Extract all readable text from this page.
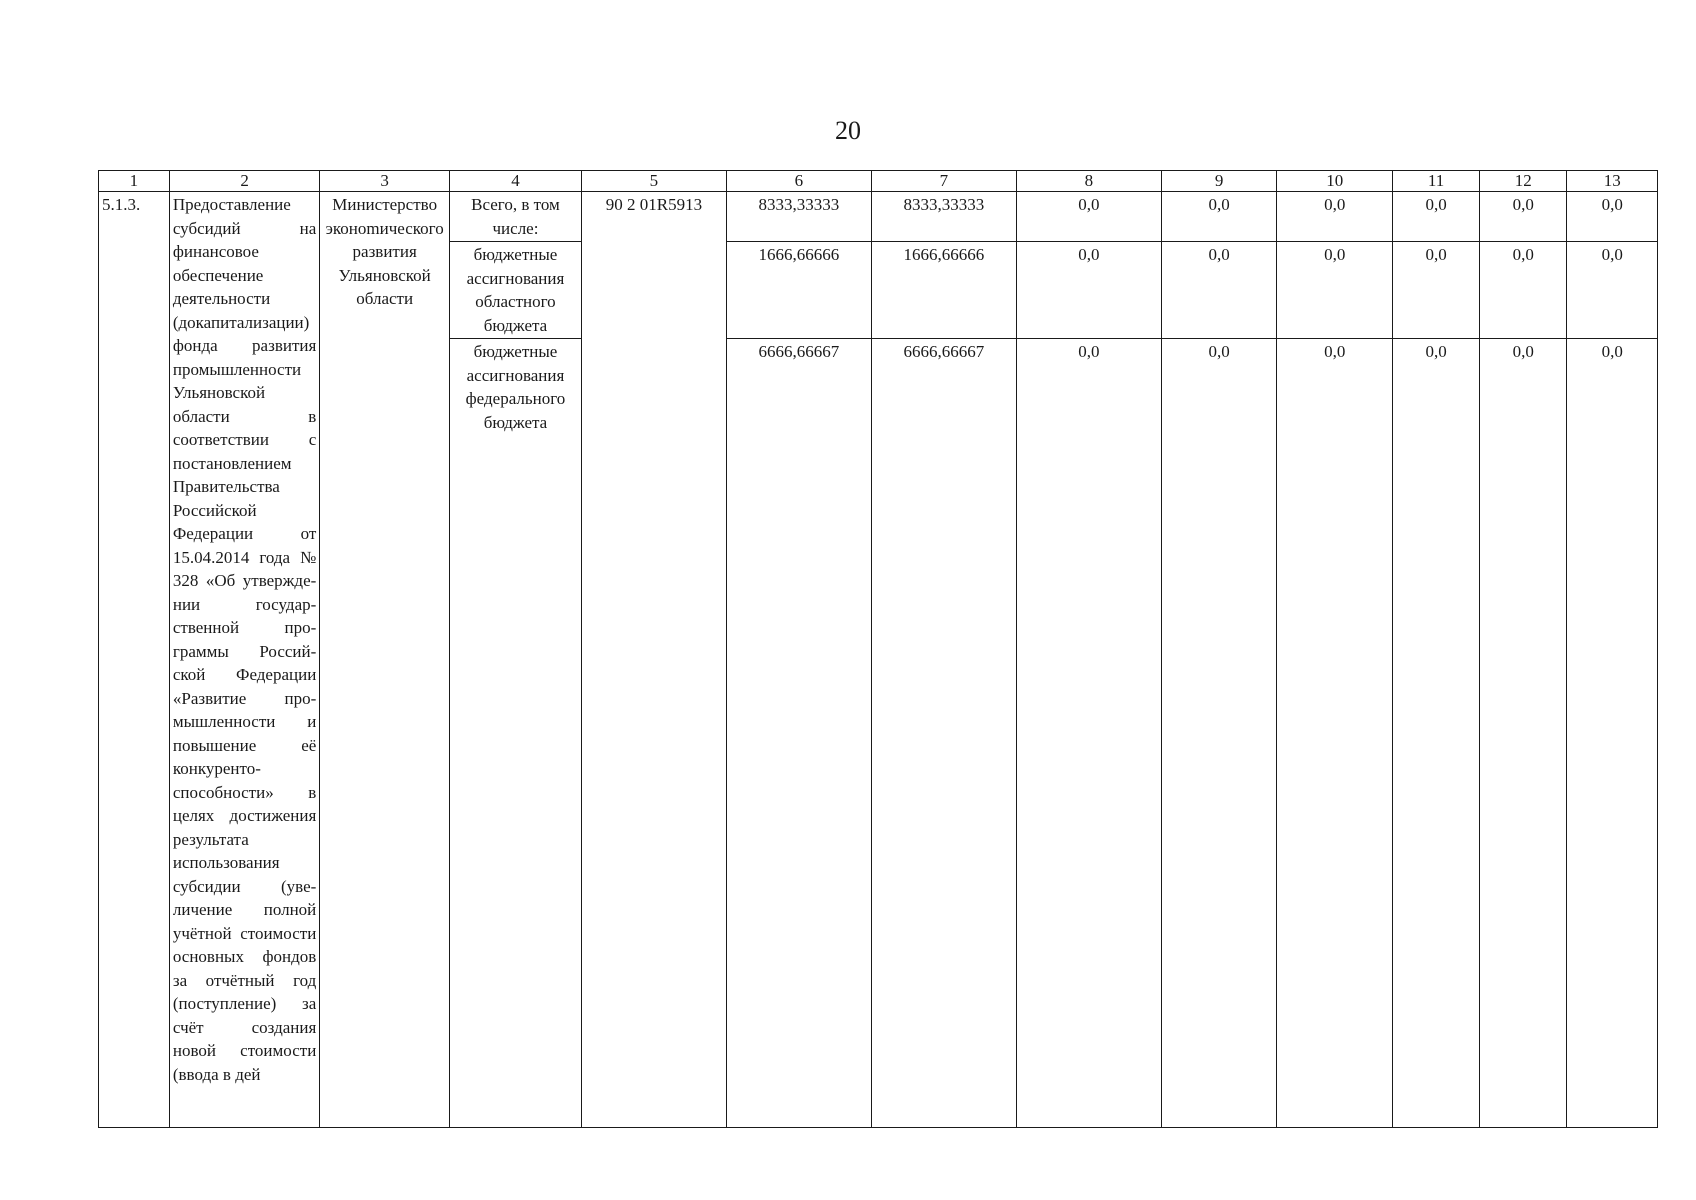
20
1	2	3	4	5	6	7	8	9	10	11	12	13
5.1.3.	Предоставление субсидий на финансовое обеспечение деятельности (докапитализации) фонда развития промышленности Ульяновской области в соответствии с постановлением Правительства Российской Федерации от 15.04.2014 года № 328 «Об утверждении государственной программы Российской Федерации «Развитие промышленности и повышение её конкурентоспособности» в целях достижения результата использования субсидии (увеличение полной учётной стоимости основных фондов за отчётный год (поступление) за счёт создания новой стоимости (ввода в дей	Министерство эконоmического развития Ульяновской области	Всего, в том числе:	90 2 01R5913	8333,33333	8333,33333	0,0	0,0	0,0	0,0	0,0	0,0
			бюджетные ассигнования областного бюджета		1666,66666	1666,66666	0,0	0,0	0,0	0,0	0,0	0,0
			бюджетные ассигнования федерального бюджета		6666,66667	6666,66667	0,0	0,0	0,0	0,0	0,0	0,0
